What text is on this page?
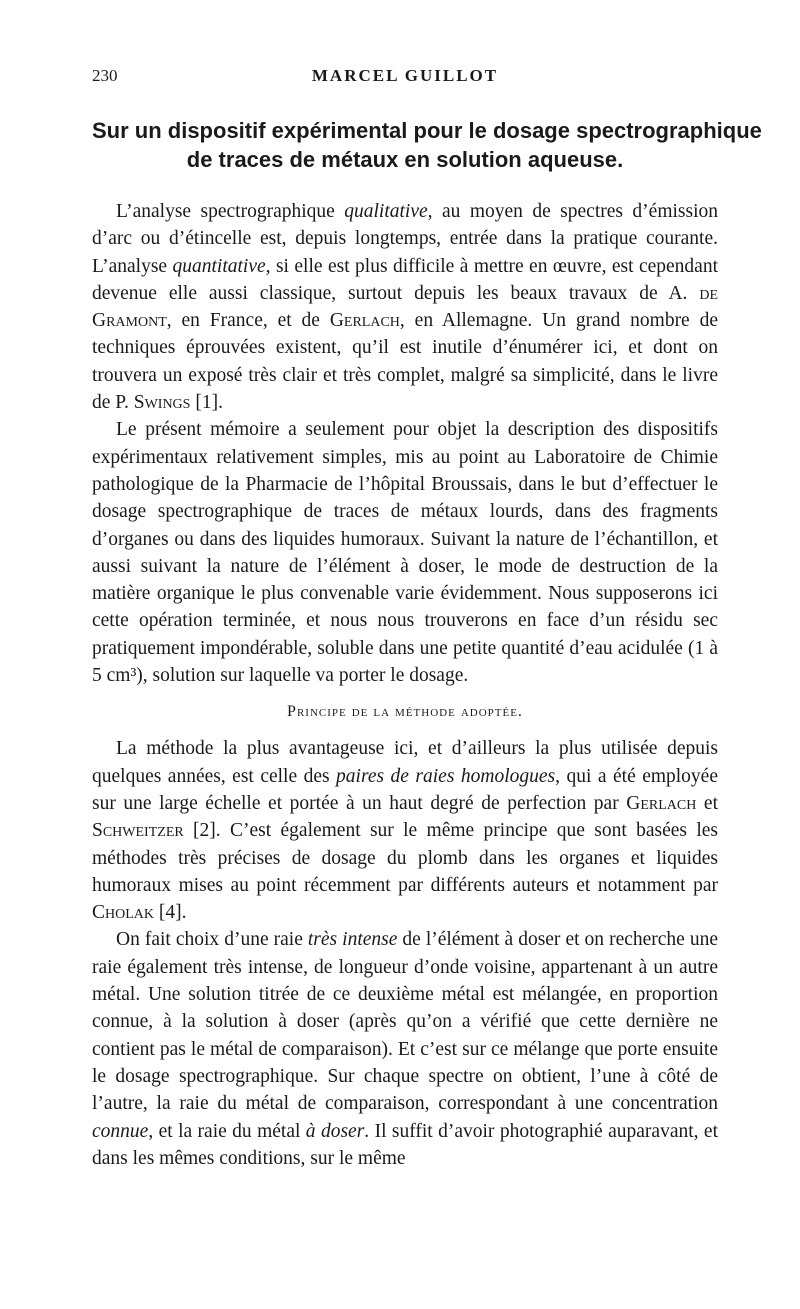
230	MARCEL GUILLOT
Sur un dispositif expérimental pour le dosage spectrographique
de traces de métaux en solution aqueuse.

L’analyse spectrographique qualitative, au moyen de spectres d’émission d’arc ou d’étincelle est, depuis longtemps, entrée dans la pratique courante. L’analyse quantitative, si elle est plus difficile à mettre en œuvre, est cependant devenue elle aussi classique, surtout depuis les beaux travaux de A. de Gramont, en France, et de Gerlach, en Allemagne. Un grand nombre de techniques éprouvées existent, qu’il est inutile d’énumérer ici, et dont on trouvera un exposé très clair et très complet, malgré sa simplicité, dans le livre de P. Swings [1].

Le présent mémoire a seulement pour objet la description des dispositifs expérimentaux relativement simples, mis au point au Laboratoire de Chimie pathologique de la Pharmacie de l’hôpital Broussais, dans le but d’effectuer le dosage spectrographique de traces de métaux lourds, dans des fragments d’organes ou dans des liquides humoraux. Suivant la nature de l’échantillon, et aussi suivant la nature de l’élément à doser, le mode de destruction de la matière organique le plus convenable varie évidemment. Nous supposerons ici cette opération terminée, et nous nous trouverons en face d’un résidu sec pratiquement impondérable, soluble dans une petite quantité d’eau acidulée (1 à 5 cm³), solution sur laquelle va porter le dosage.

Principe de la méthode adoptée.

La méthode la plus avantageuse ici, et d’ailleurs la plus utilisée depuis quelques années, est celle des paires de raies homologues, qui a été employée sur une large échelle et portée à un haut degré de perfection par Gerlach et Schweitzer [2]. C’est également sur le même principe que sont basées les méthodes très précises de dosage du plomb dans les organes et liquides humoraux mises au point récemment par différents auteurs et notamment par Cholak [4].

On fait choix d’une raie très intense de l’élément à doser et on recherche une raie également très intense, de longueur d’onde voisine, appartenant à un autre métal. Une solution titrée de ce deuxième métal est mélangée, en proportion connue, à la solution à doser (après qu’on a vérifié que cette dernière ne contient pas le métal de comparaison). Et c’est sur ce mélange que porte ensuite le dosage spectrographique. Sur chaque spectre on obtient, l’une à côté de l’autre, la raie du métal de comparaison, correspondant à une concentration connue, et la raie du métal à doser. Il suffit d’avoir photographié auparavant, et dans les mêmes conditions, sur le même
